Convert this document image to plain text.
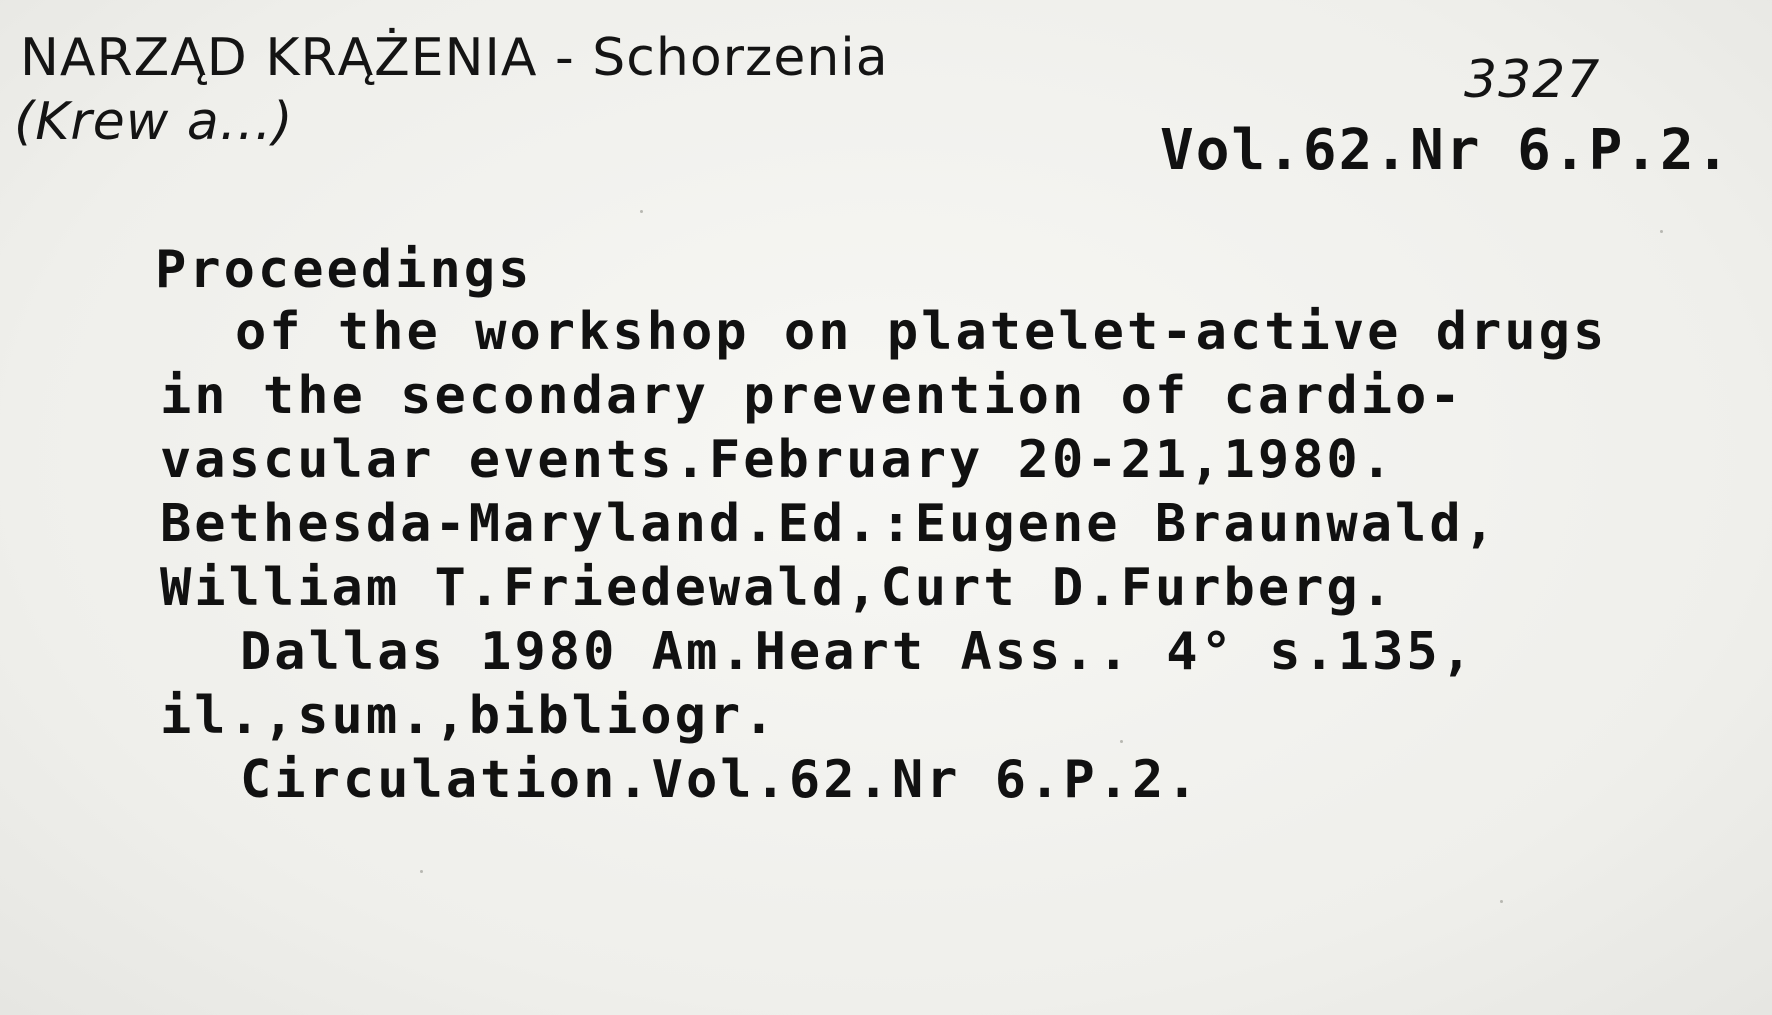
NARZĄD KRĄŻENIA - Schorzenia
(Krew a...)
3327
Vol.62.Nr 6.P.2.
Proceedings
of the workshop on platelet-active drugs
in the secondary prevention of cardio-
vascular events.February 20-21,1980.
Bethesda-Maryland.Ed.:Eugene Braunwald,
William T.Friedewald,Curt D.Furberg.
Dallas 1980 Am.Heart Ass.. 4° s.135,
il.,sum.,bibliogr.
Circulation.Vol.62.Nr 6.P.2.
